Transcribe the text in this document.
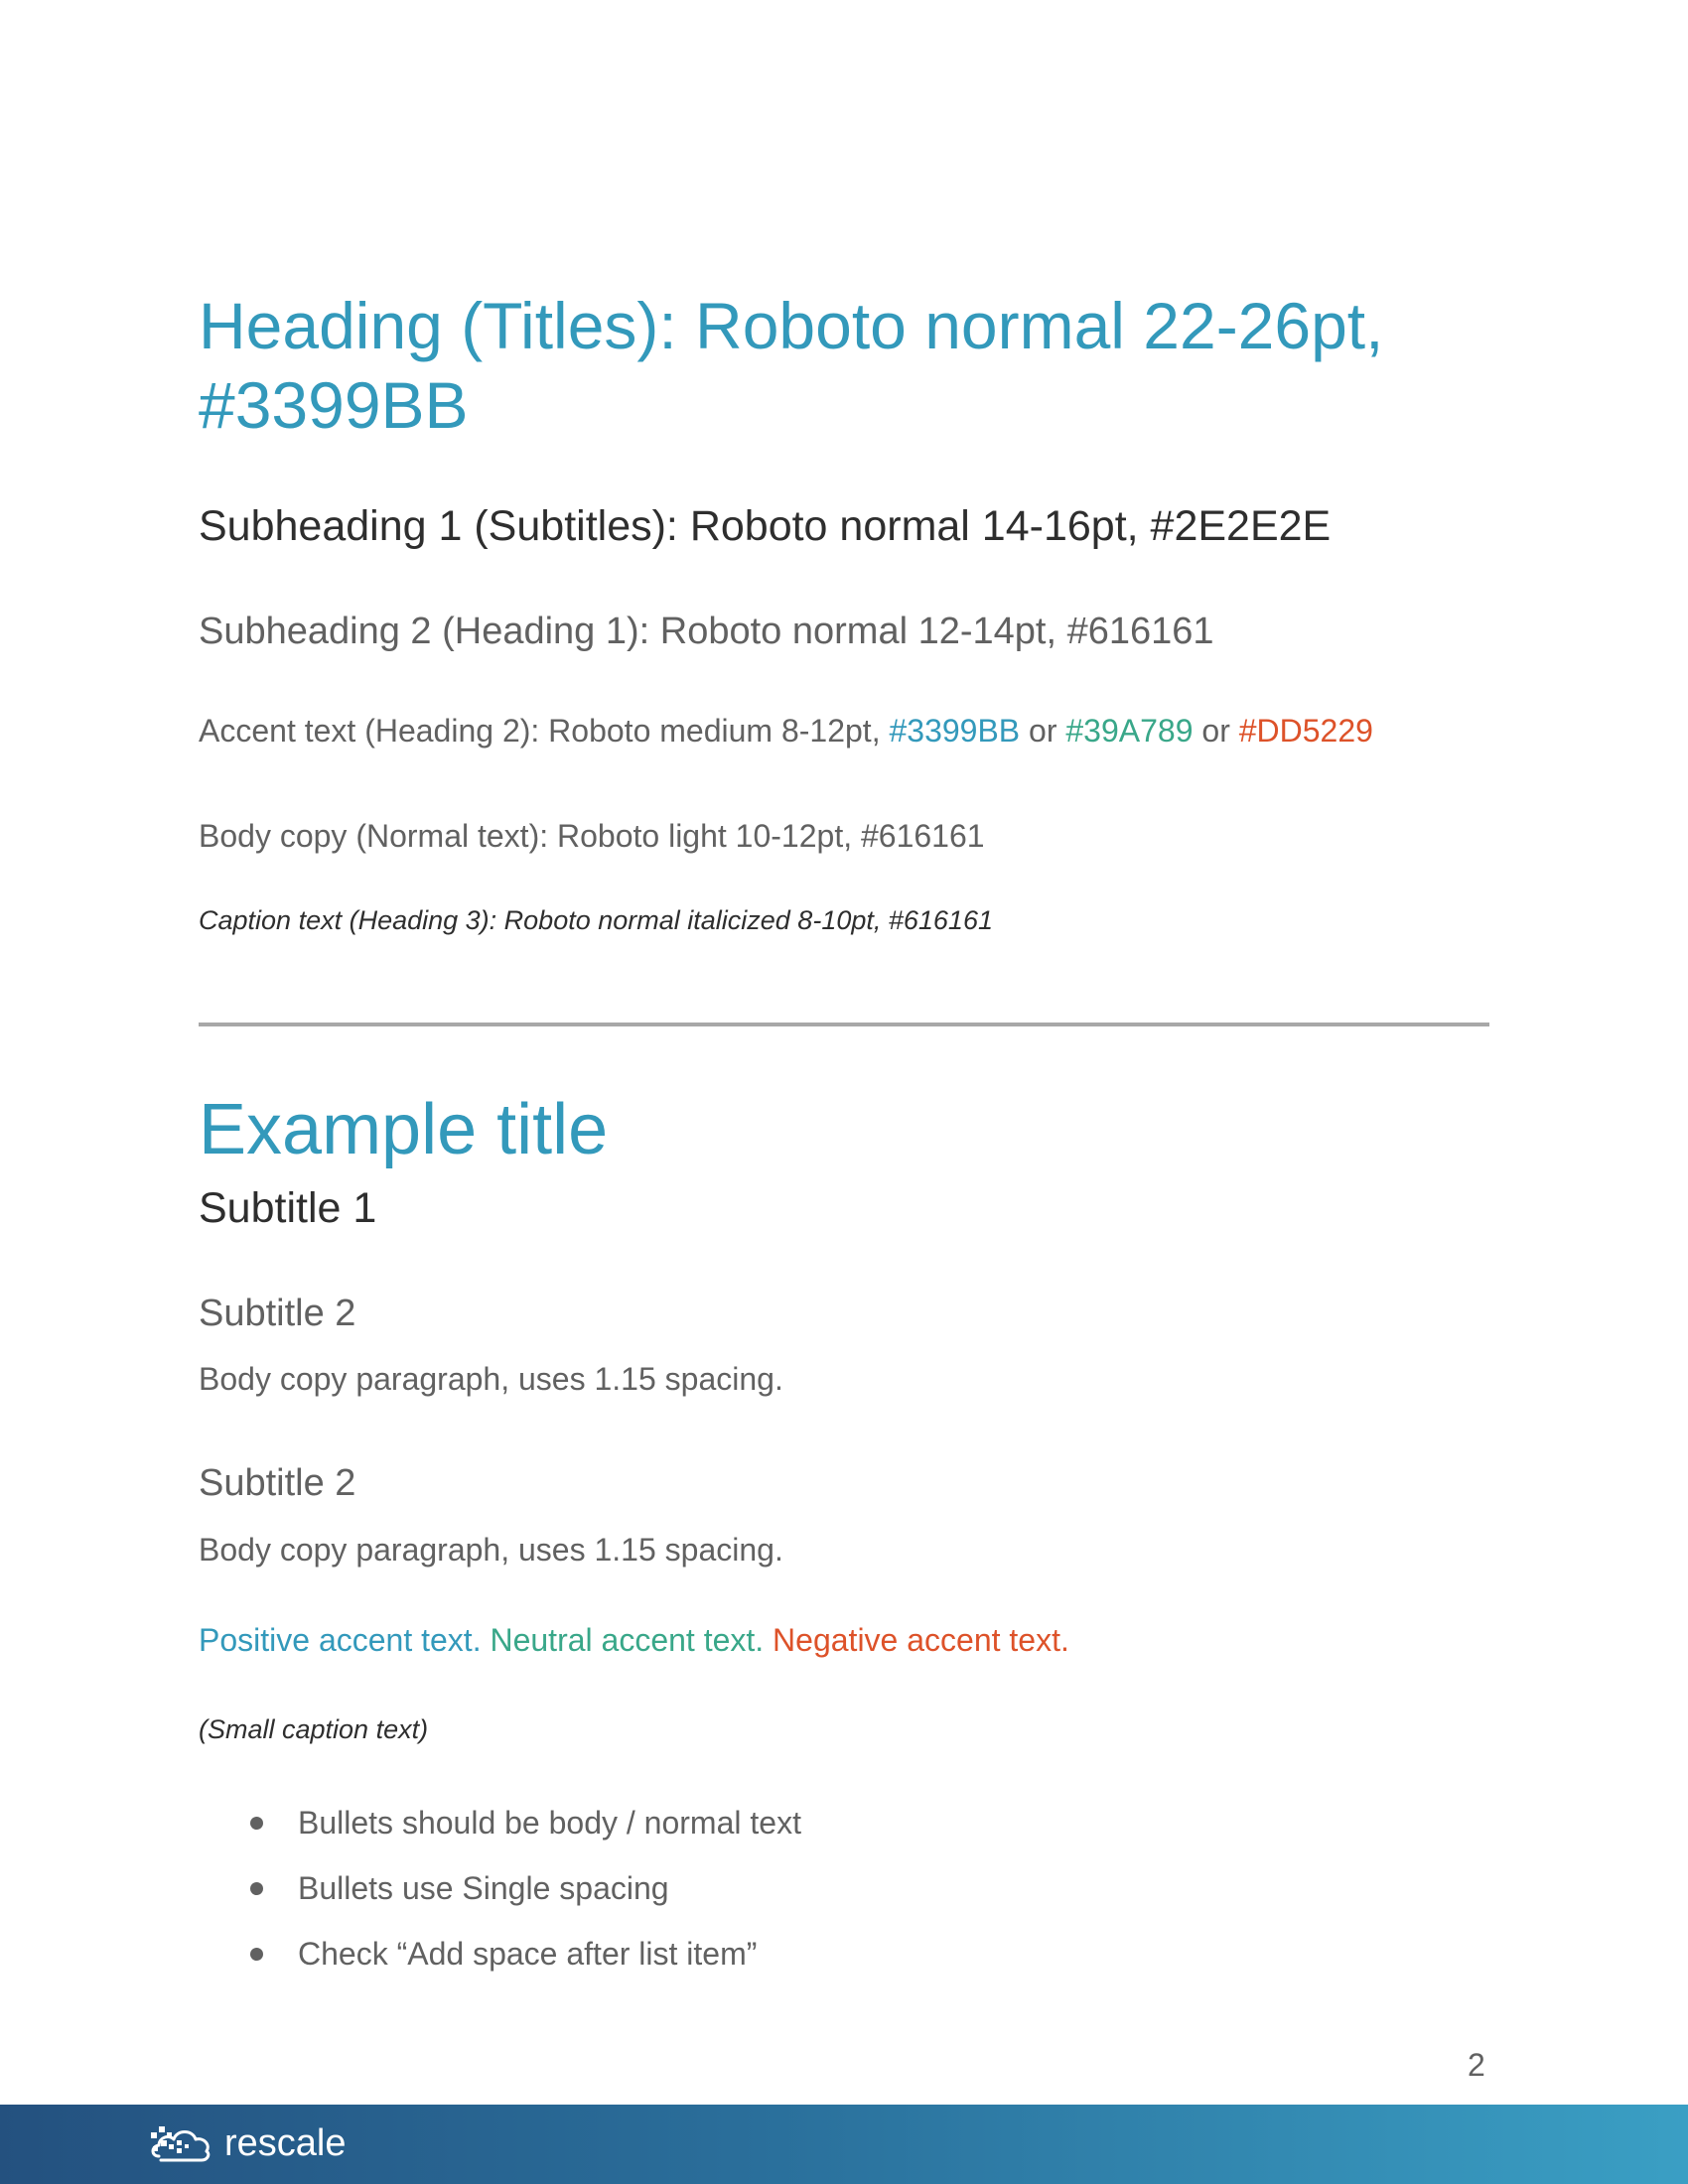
Heading (Titles): Roboto normal 22-26pt, #3399BB
Subheading 1 (Subtitles): Roboto normal 14-16pt, #2E2E2E
Subheading 2 (Heading 1): Roboto normal 12-14pt, #616161
Accent text (Heading 2): Roboto medium 8-12pt, #3399BB or #39A789 or #DD5229
Body copy (Normal text): Roboto light 10-12pt, #616161
Caption text (Heading 3): Roboto normal italicized 8-10pt, #616161
Example title
Subtitle 1
Subtitle 2
Body copy paragraph, uses 1.15 spacing.
Subtitle 2
Body copy paragraph, uses 1.15 spacing.
Positive accent text. Neutral accent text. Negative accent text.
(Small caption text)
Bullets should be body / normal text
Bullets use Single spacing
Check “Add space after list item”
2
rescale
